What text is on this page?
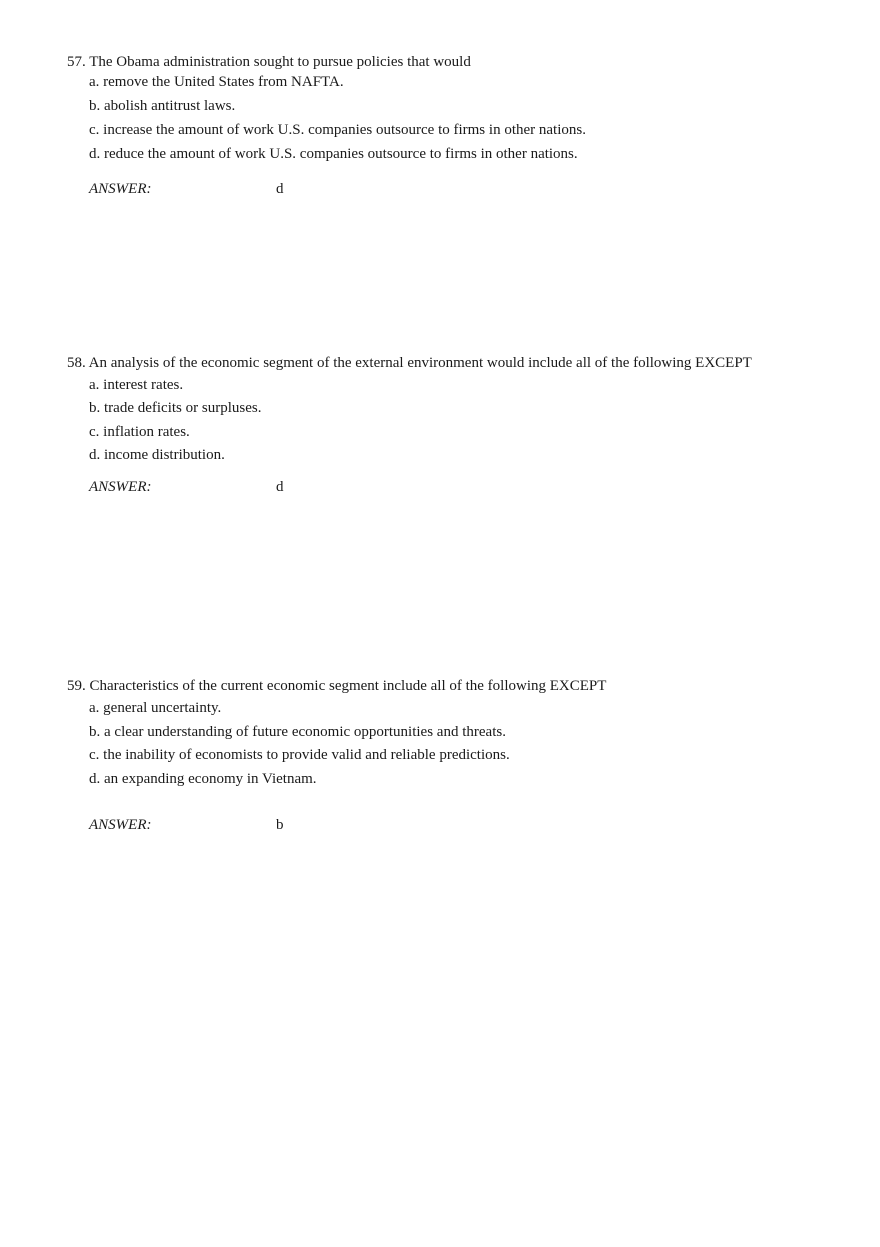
57. The Obama administration sought to pursue policies that would
a. remove the United States from NAFTA.
b. abolish antitrust laws.
c. increase the amount of work U.S. companies outsource to firms in other nations.
d. reduce the amount of work U.S. companies outsource to firms in other nations.
ANSWER:	d
58. An analysis of the economic segment of the external environment would include all of the following EXCEPT
a. interest rates.
b. trade deficits or surpluses.
c. inflation rates.
d. income distribution.
ANSWER:	d
59. Characteristics of the current economic segment include all of the following EXCEPT
a. general uncertainty.
b. a clear understanding of future economic opportunities and threats.
c. the inability of economists to provide valid and reliable predictions.
d. an expanding economy in Vietnam.
ANSWER:	b
